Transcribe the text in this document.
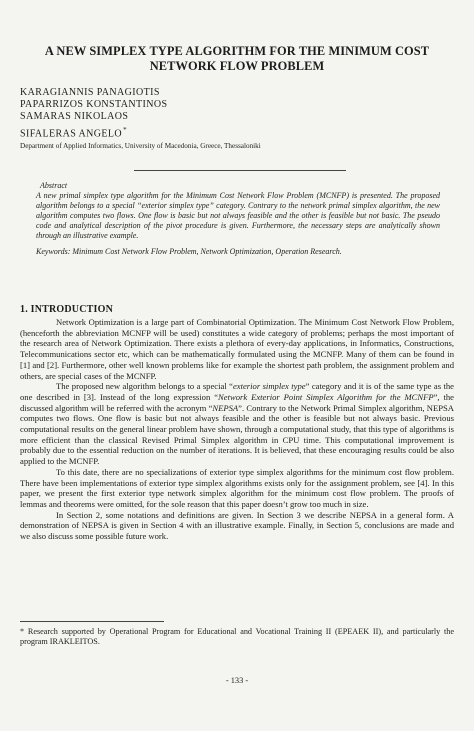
A NEW SIMPLEX TYPE ALGORITHM FOR THE MINIMUM COST
NETWORK FLOW PROBLEM
KARAGIANNIS PANAGIOTIS
PAPARRIZOS KONSTANTINOS
SAMARAS NIKOLAOS
SIFALERAS ANGELO*
Department of Applied Informatics, University of Macedonia, Greece, Thessaloniki
Abstract
A new primal simplex type algorithm for the Minimum Cost Network Flow Problem (MCNFP) is presented. The proposed algorithm belongs to a special “exterior simplex type” category. Contrary to the network primal simplex algorithm, the new algorithm computes two flows. One flow is basic but not always feasible and the other is feasible but not basic. The pseudo code and analytical description of the pivot procedure is given. Furthermore, the necessary steps are analytically shown through an illustrative example.
Keywords: Minimum Cost Network Flow Problem, Network Optimization, Operation Research.
1. INTRODUCTION

Network Optimization is a large part of Combinatorial Optimization. The Minimum Cost Network Flow Problem, (henceforth the abbreviation MCNFP will be used) constitutes a wide category of problems; perhaps the most important of the research area of Network Optimization. There exists a plethora of every-day applications, in Informatics, Constructions, Telecommunications sector etc, which can be mathematically formulated using the MCNFP. Many of them can be found in [1] and [2]. Furthermore, other well known problems like for example the shortest path problem, the assignment problem and others, are special cases of the MCNFP.

The proposed new algorithm belongs to a special “exterior simplex type” category and it is of the same type as the one described in [3]. Instead of the long expression “Network Exterior Point Simplex Algorithm for the MCNFP”, the discussed algorithm will be referred with the acronym “NEPSA”. Contrary to the Network Primal Simplex algorithm, NEPSA computes two flows. One flow is basic but not always feasible and the other is feasible but not always basic. Previous computational results on the general linear problem have shown, through a computational study, that this type of algorithms is more efficient than the classical Revised Primal Simplex algorithm in CPU time. This computational improvement is probably due to the essential reduction on the number of iterations. It is believed, that these encouraging results could be also applied to the MCNFP.

To this date, there are no specializations of exterior type simplex algorithms for the minimum cost flow problem. There have been implementations of exterior type simplex algorithms exists only for the assignment problem, see [4]. In this paper, we present the first exterior type network simplex algorithm for the minimum cost flow problem. The proofs of lemmas and theorems were omitted, for the sole reason that this paper doesn’t grow too much in size.

In Section 2, some notations and definitions are given. In Section 3 we describe NEPSA in a general form. A demonstration of NEPSA is given in Section 4 with an illustrative example. Finally, in Section 5, conclusions are made and we also discuss some possible future work.

* Research supported by Operational Program for Educational and Vocational Training II (EPEAEK II), and particularly the program IRAKLEITOS.
- 133 -
